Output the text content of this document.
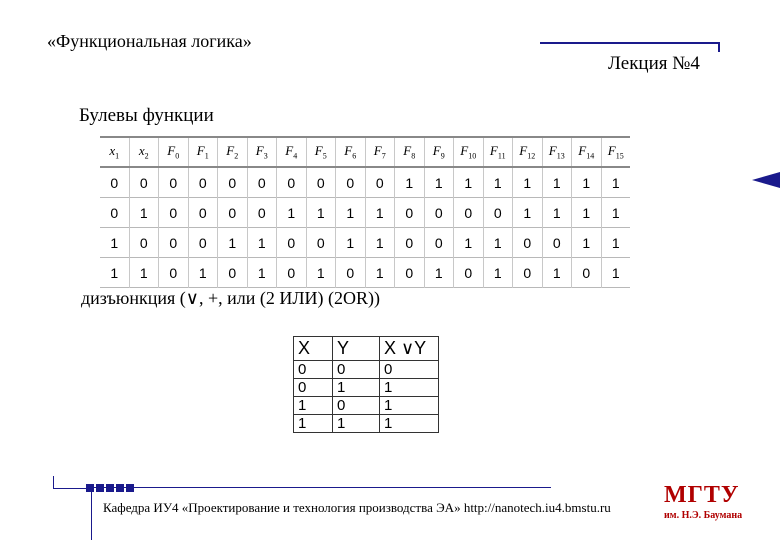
«Функциональная логика»
Лекция №4
Булевы функции
$x_1$	$x_2$	$F_0$	$F_1$	$F_2$	$F_3$	$F_4$	$F_5$	$F_6$	$F_7$	$F_8$	$F_9$	$F_{10}$	$F_{11}$	$F_{12}$	$F_{13}$	$F_{14}$	$F_{15}$
0	0	0	0	0	0	0	0	0	0	1	1	1	1	1	1	1	1
0	1	0	0	0	0	1	1	1	1	0	0	0	0	1	1	1	1
1	0	0	0	1	1	0	0	1	1	0	0	1	1	0	0	1	1
1	1	0	1	0	1	0	1	0	1	0	1	0	1	0	1	0	1
дизъюнкция (∨, +, или (2 ИЛИ) (2OR))
X	Y	X ∨Y
0	0	0
0	1	1
1	0	1
1	1	1
Кафедра ИУ4 «Проектирование и технология производства ЭА» http://nanotech.iu4.bmstu.ru МГТУ
им. Н.Э. Баумана
